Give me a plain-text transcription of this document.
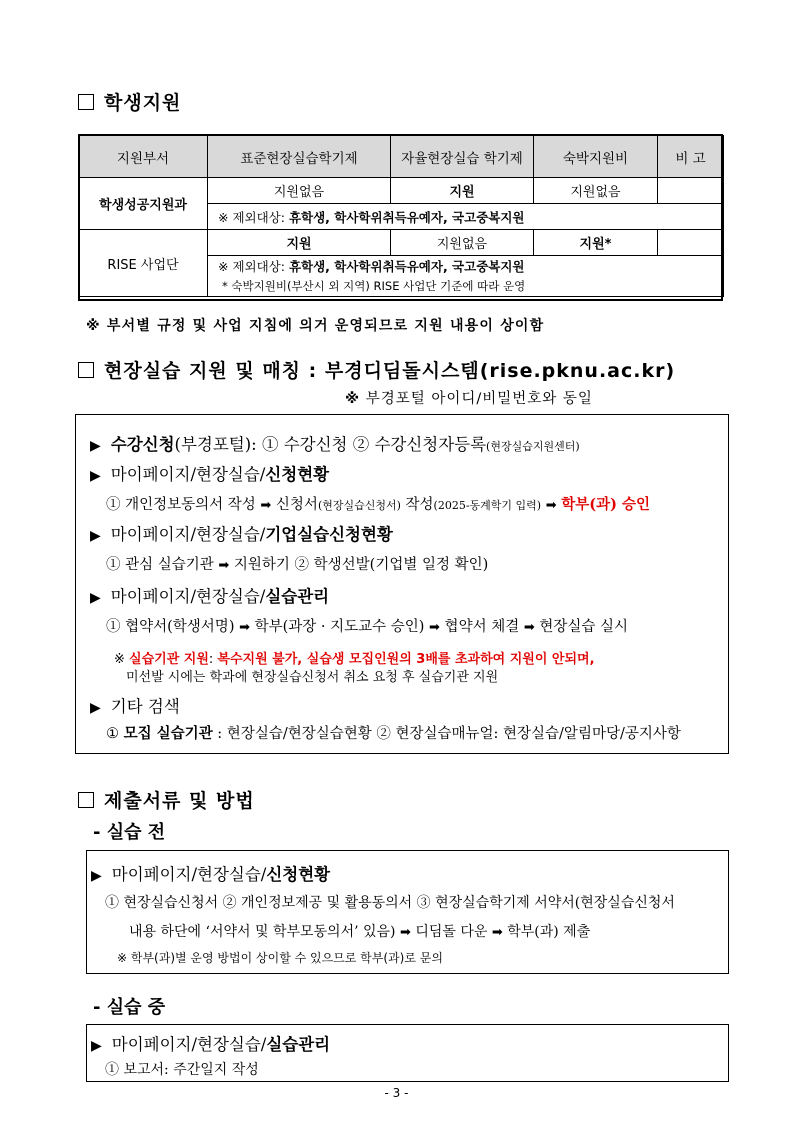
학생지원
지원부서	표준현장실습학기제	자율현장실습 학기제	숙박지원비	비 고
학생성공지원과	지원없음	지원	지원없음	
	※ 제외대상: 휴학생, 학사학위취득유예자, 국고중복지원			
RISE 사업단	지원	지원없음	지원*	
	※ 제외대상: 휴학생, 학사학위취득유예자, 국고중복지원			
	* 숙박지원비(부산시 외 지역) RISE 사업단 기준에 따라 운영			
※ 부서별 규정 및 사업 지침에 의거 운영되므로 지원 내용이 상이함
현장실습 지원 및 매칭 : 부경디딤돌시스템(rise.pknu.ac.kr)
※ 부경포털 아이디/비밀번호와 동일
▶ 수강신청(부경포털): ① 수강신청 ② 수강신청자등록(현장실습지원센터)
▶ 마이페이지/현장실습/신청현황
① 개인정보동의서 작성 ➡ 신청서(현장실습신청서) 작성(2025-동계학기 입력) ➡ 학부(과) 승인
▶ 마이페이지/현장실습/기업실습신청현황
① 관심 실습기관 ➡ 지원하기 ② 학생선발(기업별 일정 확인)
▶ 마이페이지/현장실습/실습관리
① 협약서(학생서명) ➡ 학부(과장 · 지도교수 승인) ➡ 협약서 체결 ➡ 현장실습 실시
※ 실습기관 지원: 복수지원 불가, 실습생 모집인원의 3배를 초과하여 지원이 안되며,
미선발 시에는 학과에 현장실습신청서 취소 요청 후 실습기관 지원
▶ 기타 검색
① 모집 실습기관 : 현장실습/현장실습현황 ② 현장실습매뉴얼: 현장실습/알림마당/공지사항
제출서류 및 방법
- 실습 전
▶ 마이페이지/현장실습/신청현황
① 현장실습신청서 ② 개인정보제공 및 활용동의서 ③ 현장실습학기제 서약서(현장실습신청서
내용 하단에 ‘서약서 및 학부모동의서’ 있음) ➡ 디딤돌 다운 ➡ 학부(과) 제출
※ 학부(과)별 운영 방법이 상이할 수 있으므로 학부(과)로 문의
- 실습 중
▶ 마이페이지/현장실습/실습관리
① 보고서: 주간일지 작성
- 3 -
